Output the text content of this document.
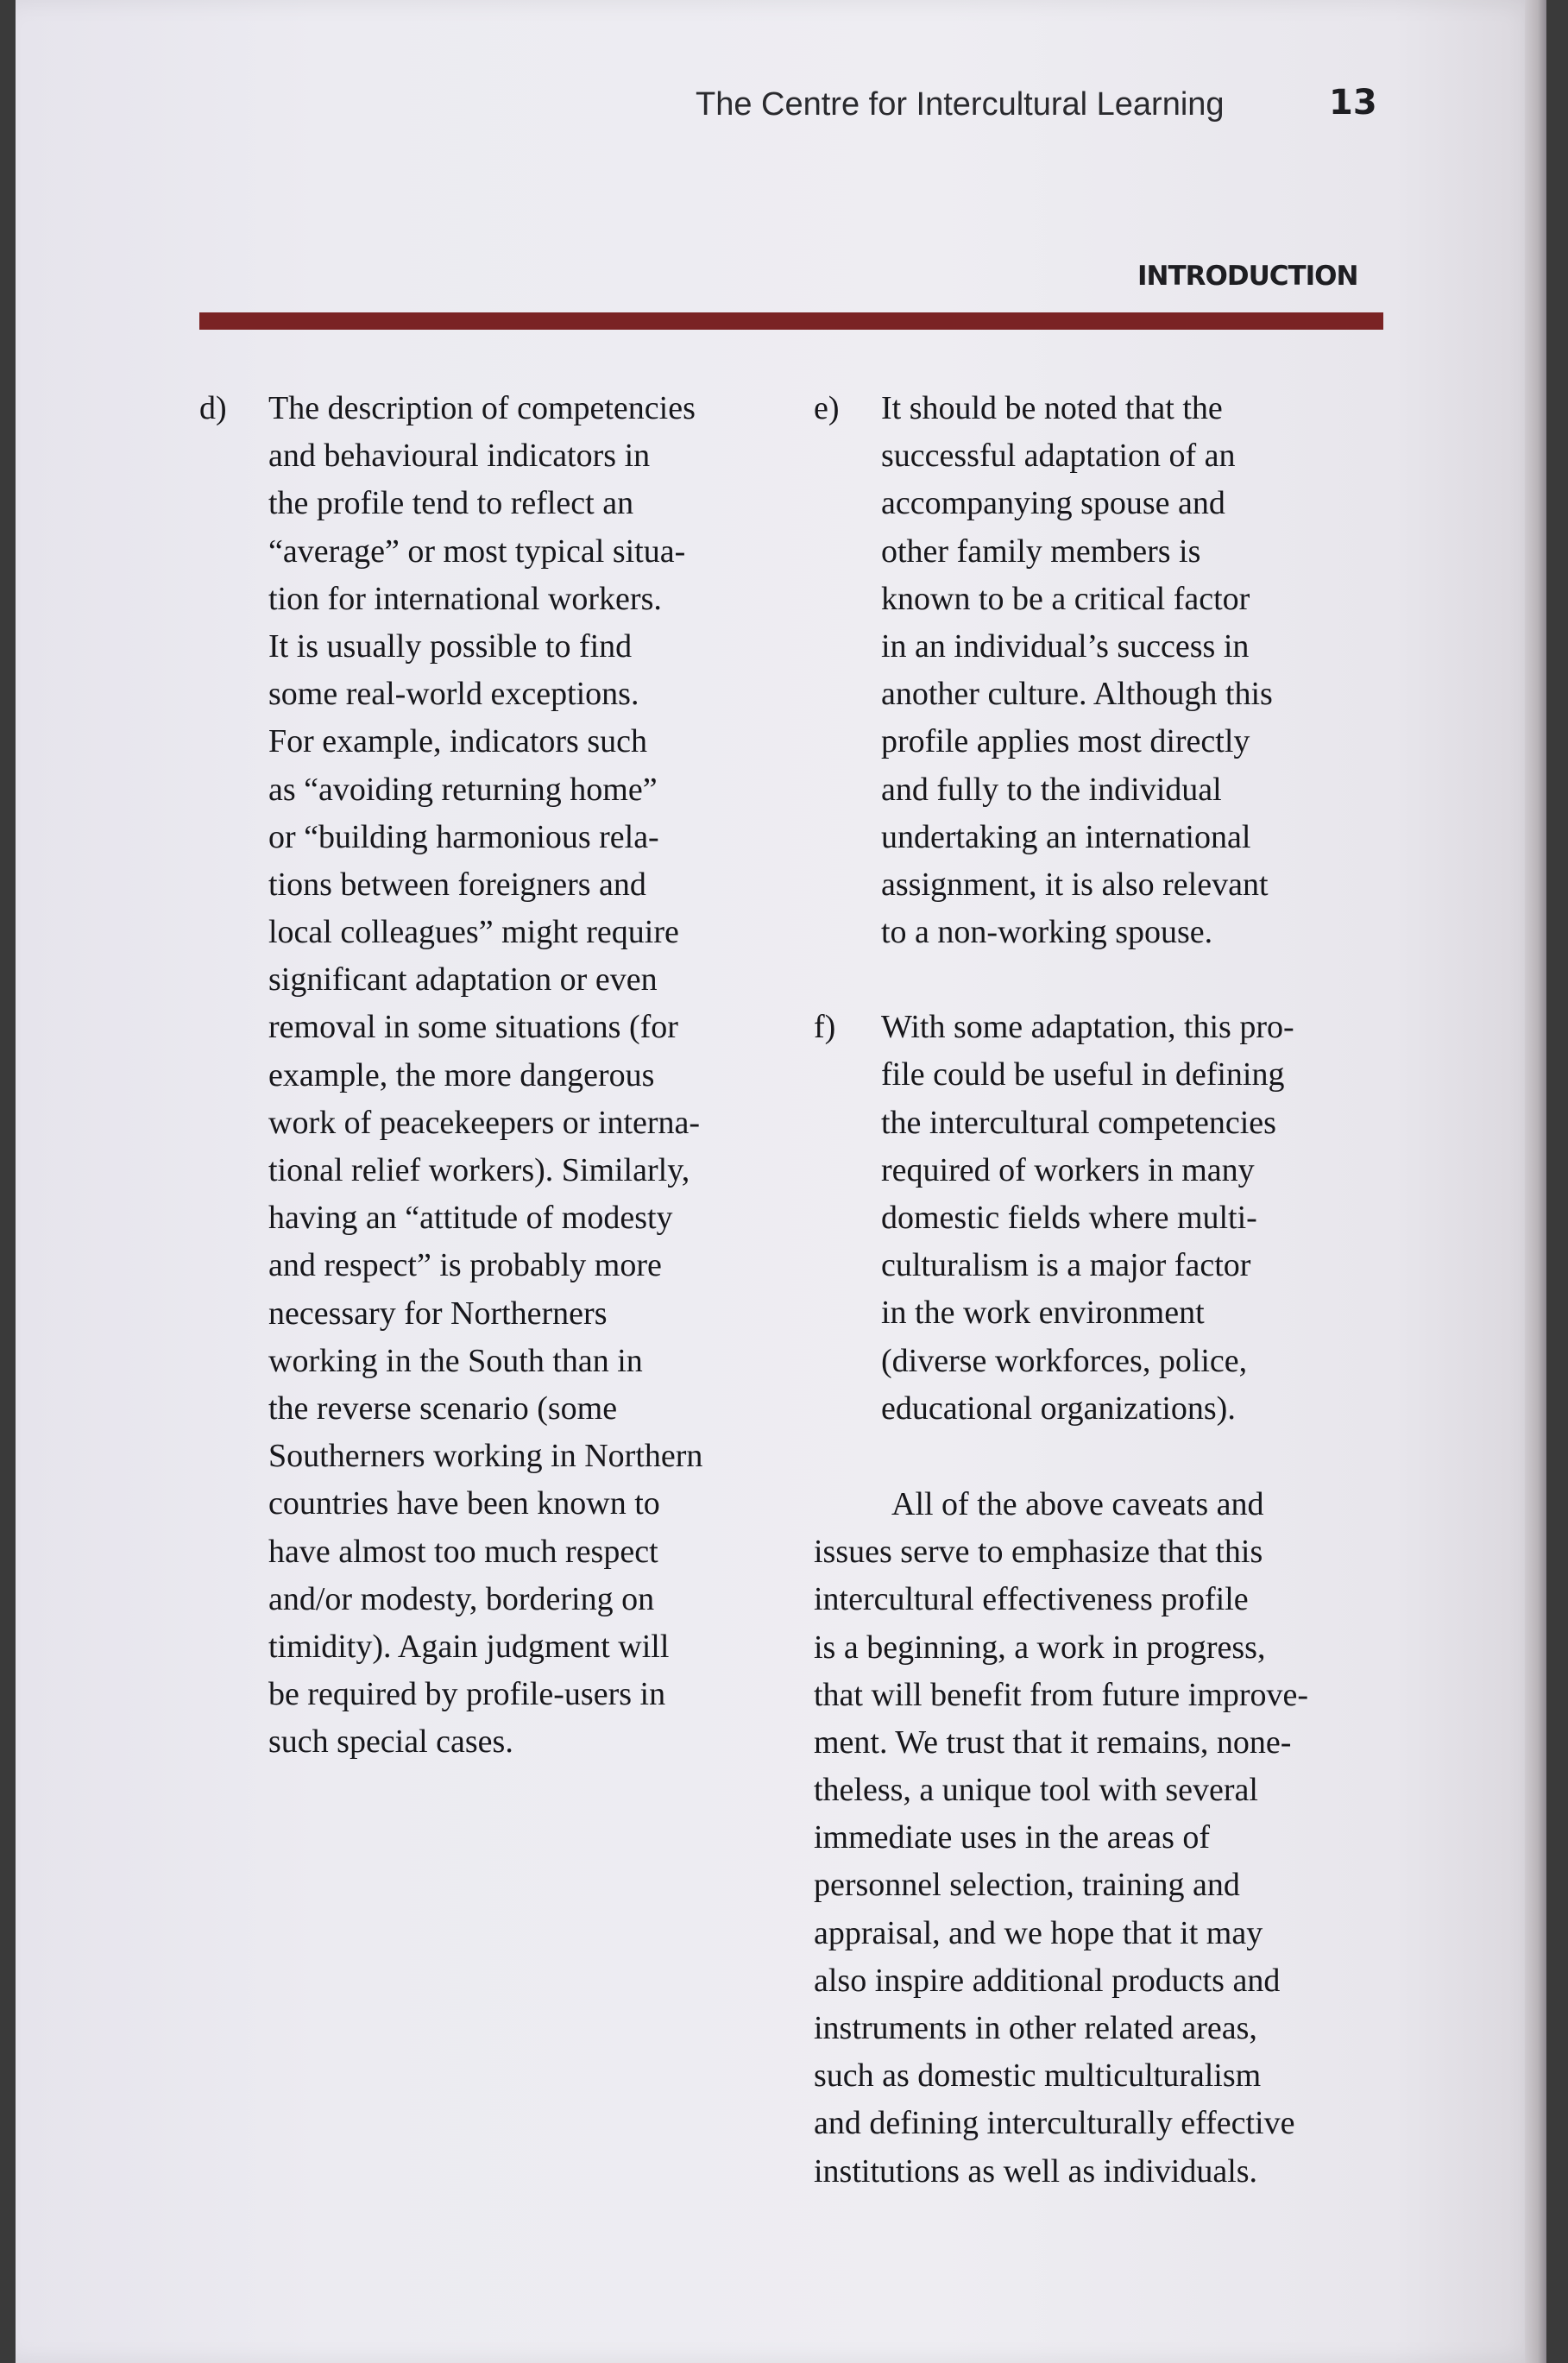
The Centre for Intercultural Learning	13
INTRODUCTION
d) The description of competencies
and behavioural indicators in
the profile tend to reflect an
“average” or most typical situa-
tion for international workers.
It is usually possible to find
some real-world exceptions.
For example, indicators such
as “avoiding returning home”
or “building harmonious rela-
tions between foreigners and
local colleagues” might require
significant adaptation or even
removal in some situations (for
example, the more dangerous
work of peacekeepers or interna-
tional relief workers). Similarly,
having an “attitude of modesty
and respect” is probably more
necessary for Northerners
working in the South than in
the reverse scenario (some
Southerners working in Northern
countries have been known to
have almost too much respect
and/or modesty, bordering on
timidity). Again judgment will
be required by profile-users in
such special cases.
e) It should be noted that the
successful adaptation of an
accompanying spouse and
other family members is
known to be a critical factor
in an individual’s success in
another culture. Although this
profile applies most directly
and fully to the individual
undertaking an international
assignment, it is also relevant
to a non-working spouse.
f) With some adaptation, this pro-
file could be useful in defining
the intercultural competencies
required of workers in many
domestic fields where multi-
culturalism is a major factor
in the work environment
(diverse workforces, police,
educational organizations).
All of the above caveats and
issues serve to emphasize that this
intercultural effectiveness profile
is a beginning, a work in progress,
that will benefit from future improve-
ment. We trust that it remains, none-
theless, a unique tool with several
immediate uses in the areas of
personnel selection, training and
appraisal, and we hope that it may
also inspire additional products and
instruments in other related areas,
such as domestic multiculturalism
and defining interculturally effective
institutions as well as individuals.
